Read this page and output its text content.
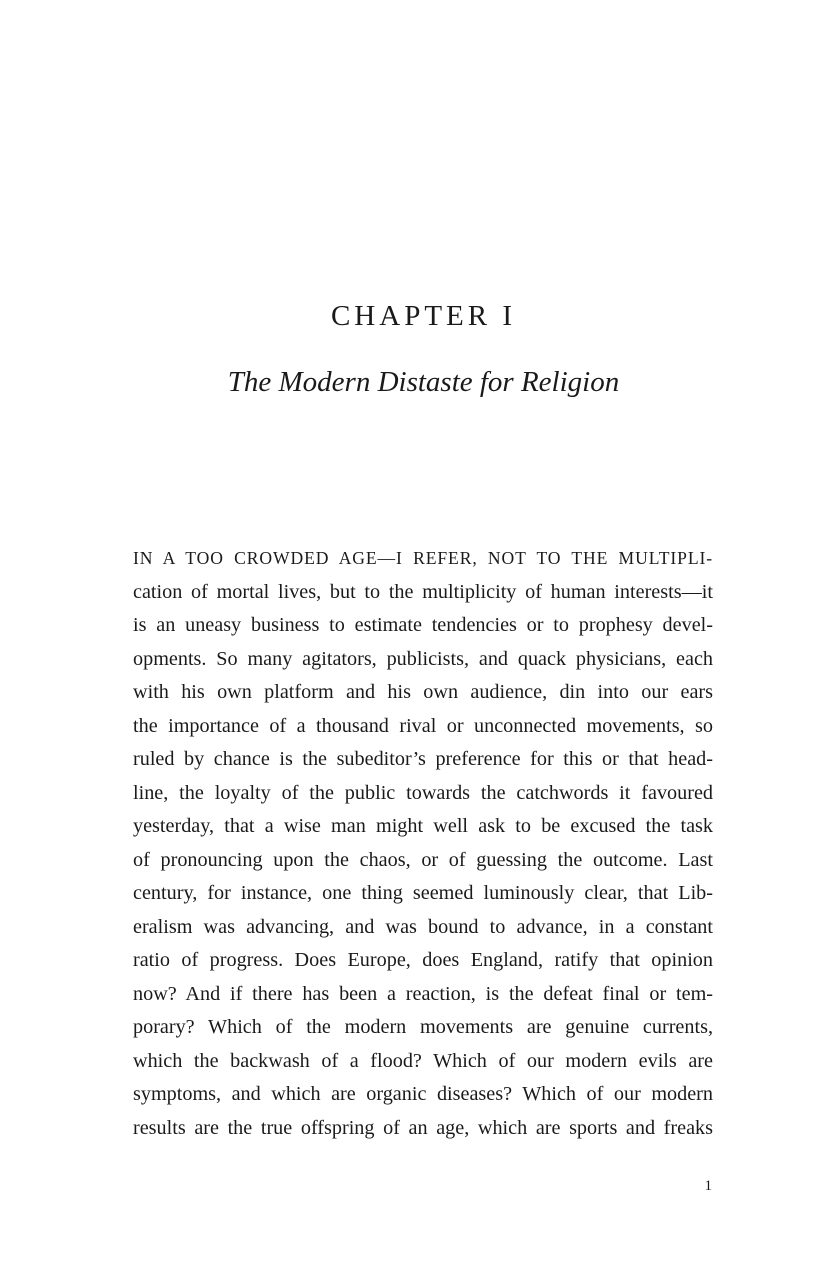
CHAPTER I
The Modern Distaste for Religion
IN A TOO CROWDED AGE—I REFER, NOT TO THE MULTIPLI-
cation of mortal lives, but to the multiplicity of human interests—it
is an uneasy business to estimate tendencies or to prophesy devel-
opments. So many agitators, publicists, and quack physicians, each
with his own platform and his own audience, din into our ears
the importance of a thousand rival or unconnected movements, so
ruled by chance is the subeditor’s preference for this or that head-
line, the loyalty of the public towards the catchwords it favoured
yesterday, that a wise man might well ask to be excused the task
of pronouncing upon the chaos, or of guessing the outcome. Last
century, for instance, one thing seemed luminously clear, that Lib-
eralism was advancing, and was bound to advance, in a constant
ratio of progress. Does Europe, does England, ratify that opinion
now? And if there has been a reaction, is the defeat final or tem-
porary? Which of the modern movements are genuine currents,
which the backwash of a flood? Which of our modern evils are
symptoms, and which are organic diseases? Which of our modern
results are the true offspring of an age, which are sports and freaks
1
